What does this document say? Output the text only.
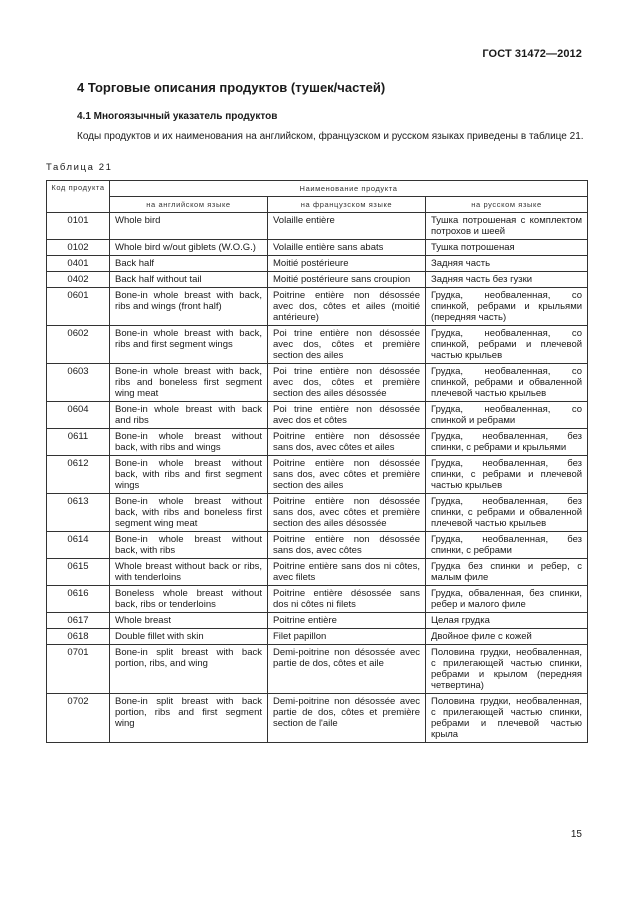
ГОСТ 31472—2012
4 Торговые описания продуктов (тушек/частей)
4.1 Многоязычный указатель продуктов
Коды продуктов и их наименования на английском, французском и русском языках приведены в таблице 21.
Таблица 21
Код продукта	Наименование продукта		
	на английском языке	на французском языке	на русском языке
0101	Whole bird	Volaille entière	Тушка потрошеная с комплектом потрохов и шеей
0102	Whole bird w/out giblets (W.O.G.)	Volaille entière sans abats	Тушка потрошеная
0401	Back half	Moitié postérieure	Задняя часть
0402	Back half without tail	Moitié postérieure sans croupion	Задняя часть без гузки
0601	Bone-in whole breast with back, ribs and wings (front half)	Poitrine entière non désossée avec dos, côtes et ailes (moitié antérieure)	Грудка, необваленная, со спинкой, ребрами и крыльями (передняя часть)
0602	Bone-in whole breast with back, ribs and first segment wings	Poi trine entière non désossée avec dos, côtes et première section des ailes	Грудка, необваленная, со спинкой, ребрами и плечевой частью крыльев
0603	Bone-in whole breast with back, ribs and boneless first segment wing meat	Poi trine entière non désossée avec dos, côtes et première section des ailes désossée	Грудка, необваленная, со спинкой, ребрами и обваленной плечевой частью крыльев
0604	Bone-in whole breast with back and ribs	Poi trine entière non désossée avec dos et côtes	Грудка, необваленная, со спинкой и ребрами
0611	Bone-in whole breast without back, with ribs and wings	Poitrine entière non désossée sans dos, avec côtes et ailes	Грудка, необваленная, без спинки, с ребрами и крыльями
0612	Bone-in whole breast without back, with ribs and first segment wings	Poitrine entière non désossée sans dos, avec côtes et première section des ailes	Грудка, необваленная, без спинки, с ребрами и плечевой частью крыльев
0613	Bone-in whole breast without back, with ribs and boneless first segment wing meat	Poitrine entière non désossée sans dos, avec côtes et première section des ailes désossée	Грудка, необваленная, без спинки, с ребрами и обваленной плечевой частью крыльев
0614	Bone-in whole breast without back, with ribs	Poitrine entière non désossée sans dos, avec côtes	Грудка, необваленная, без спинки, с ребрами
0615	Whole breast without back or ribs, with tenderloins	Poitrine entière sans dos ni côtes, avec filets	Грудка без спинки и ребер, с малым филе
0616	Boneless whole breast without back, ribs or tenderloins	Poitrine entière désossée sans dos ni côtes ni filets	Грудка, обваленная, без спинки, ребер и малого филе
0617	Whole breast	Poitrine entière	Целая грудка
0618	Double fillet with skin	Filet papillon	Двойное филе с кожей
0701	Bone-in split breast with back portion, ribs, and wing	Demi-poitrine non désossée avec partie de dos, côtes et aile	Половина грудки, необваленная, с прилегающей частью спинки, ребрами и крылом (передняя четвертина)
0702	Bone-in split breast with back portion, ribs and first segment wing	Demi-poitrine non désossée avec partie de dos, côtes et première section de l'aile	Половина грудки, необваленная, с прилегающей частью спинки, ребрами и плечевой частью крыла
15
